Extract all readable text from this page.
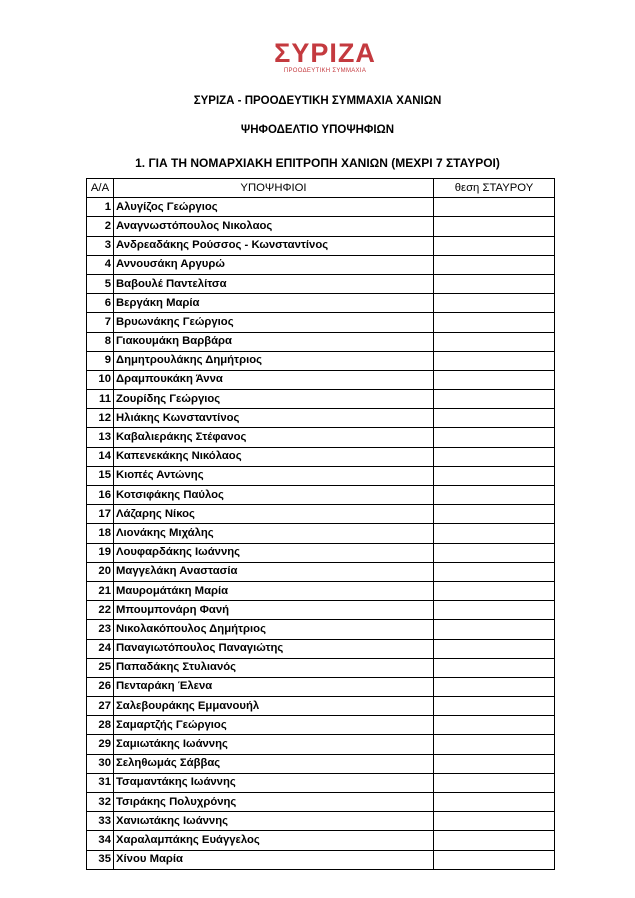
ΣΥΡΙΖΑ
ΠΡΟΟΔΕΥΤΙΚΗ ΣΥΜΜΑΧΙΑ
ΣΥΡΙΖΑ - ΠΡΟΟΔΕΥΤΙΚΗ ΣΥΜΜΑΧΙΑ ΧΑΝΙΩΝ
ΨΗΦΟΔΕΛΤΙΟ ΥΠΟΨΗΦΙΩΝ
1. ΓΙΑ ΤΗ ΝΟΜΑΡΧΙΑΚΗ ΕΠΙΤΡΟΠΗ ΧΑΝΙΩΝ (ΜΕΧΡΙ 7 ΣΤΑΥΡΟΙ)
Α/Α	ΥΠΟΨΗΦΙΟΙ	θεση ΣΤΑΥΡΟΥ
1	Αλυγίζος Γεώργιος	
2	Αναγνωστόπουλος Νικολαος	
3	Ανδρεαδάκης Ρούσσος - Κωνσταντίνος	
4	Αννουσάκη Αργυρώ	
5	Βαβουλέ Παντελίτσα	
6	Βεργάκη Μαρία	
7	Βρυωνάκης Γεώργιος	
8	Γιακουμάκη Βαρβάρα	
9	Δημητρουλάκης Δημήτριος	
10	Δραμπουκάκη Άννα	
11	Ζουρίδης Γεώργιος	
12	Ηλιάκης Κωνσταντίνος	
13	Καβαλιεράκης Στέφανος	
14	Καπενεκάκης Νικόλαος	
15	Κιοπές Αντώνης	
16	Κοτσιφάκης Παύλος	
17	Λάζαρης Νίκος	
18	Λιονάκης Μιχάλης	
19	Λουφαρδάκης Ιωάννης	
20	Μαγγελάκη Αναστασία	
21	Μαυρομάτάκη Μαρία	
22	Μπουμπονάρη Φανή	
23	Νικολακόπουλος Δημήτριος	
24	Παναγιωτόπουλος Παναγιώτης	
25	Παπαδάκης Στυλιανός	
26	Πενταράκη Έλενα	
27	Σαλεβουράκης Εμμανουήλ	
28	Σαμαρτζής Γεώργιος	
29	Σαμιωτάκης Ιωάννης	
30	Σεληθωμάς Σάββας	
31	Τσαμαντάκης Ιωάννης	
32	Τσιράκης Πολυχρόνης	
33	Χανιωτάκης Ιωάννης	
34	Χαραλαμπάκης Ευάγγελος	
35	Χίνου Μαρία	
